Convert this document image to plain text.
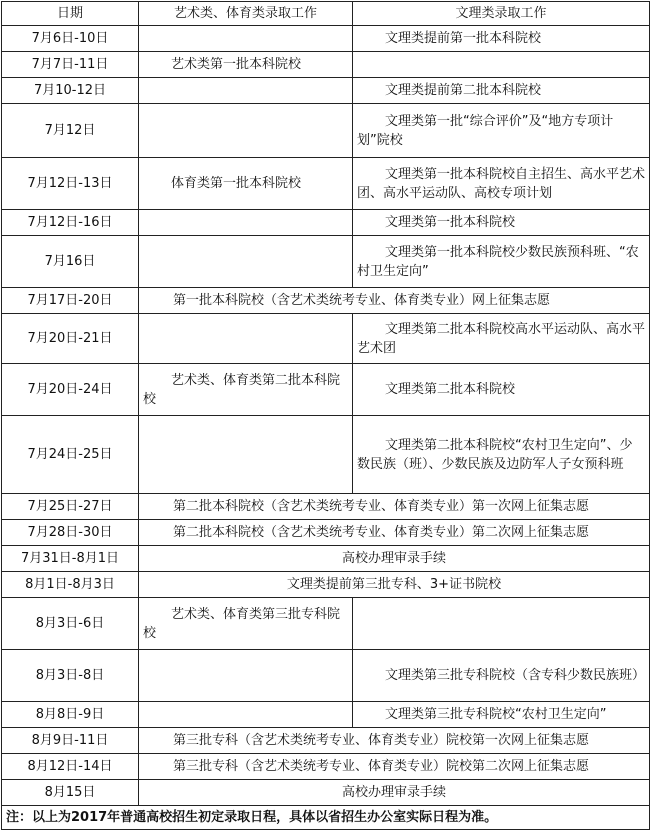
日期	艺术类、体育类录取工作	文理类录取工作
7月6日-10日		文理类提前第一批本科院校
7月7日-11日	艺术类第一批本科院校	
7月10-12日		文理类提前第二批本科院校
7月12日		文理类第一批“综合评价”及“地方专项计划”院校
7月12日-13日	体育类第一批本科院校	文理类第一批本科院校自主招生、高水平艺术团、高水平运动队、高校专项计划
7月12日-16日		文理类第一批本科院校
7月16日		文理类第一批本科院校少数民族预科班、“农村卫生定向”
7月17日-20日	第一批本科院校（含艺术类统考专业、体育类专业）网上征集志愿	
7月20日-21日		文理类第二批本科院校高水平运动队、高水平艺术团
7月20日-24日	艺术类、体育类第二批本科院校	文理类第二批本科院校
7月24日-25日		文理类第二批本科院校“农村卫生定向”、少数民族（班）、少数民族及边防军人子女预科班
7月25日-27日	第二批本科院校（含艺术类统考专业、体育类专业）第一次网上征集志愿	
7月28日-30日	第二批本科院校（含艺术类统考专业、体育类专业）第二次网上征集志愿	
7月31日-8月1日	高校办理审录手续	
8月1日-8月3日	文理类提前第三批专科、3+证书院校	
8月3日-6日	艺术类、体育类第三批专科院校	
8月3日-8日		文理类第三批专科院校（含专科少数民族班）
8月8日-9日		文理类第三批专科院校“农村卫生定向”
8月9日-11日	第三批专科（含艺术类统考专业、体育类专业）院校第一次网上征集志愿	
8月12日-14日	第三批专科（含艺术类统考专业、体育类专业）院校第二次网上征集志愿	
8月15日	高校办理审录手续	
注：以上为2017年普通高校招生初定录取日程，具体以省招生办公室实际日程为准。		
